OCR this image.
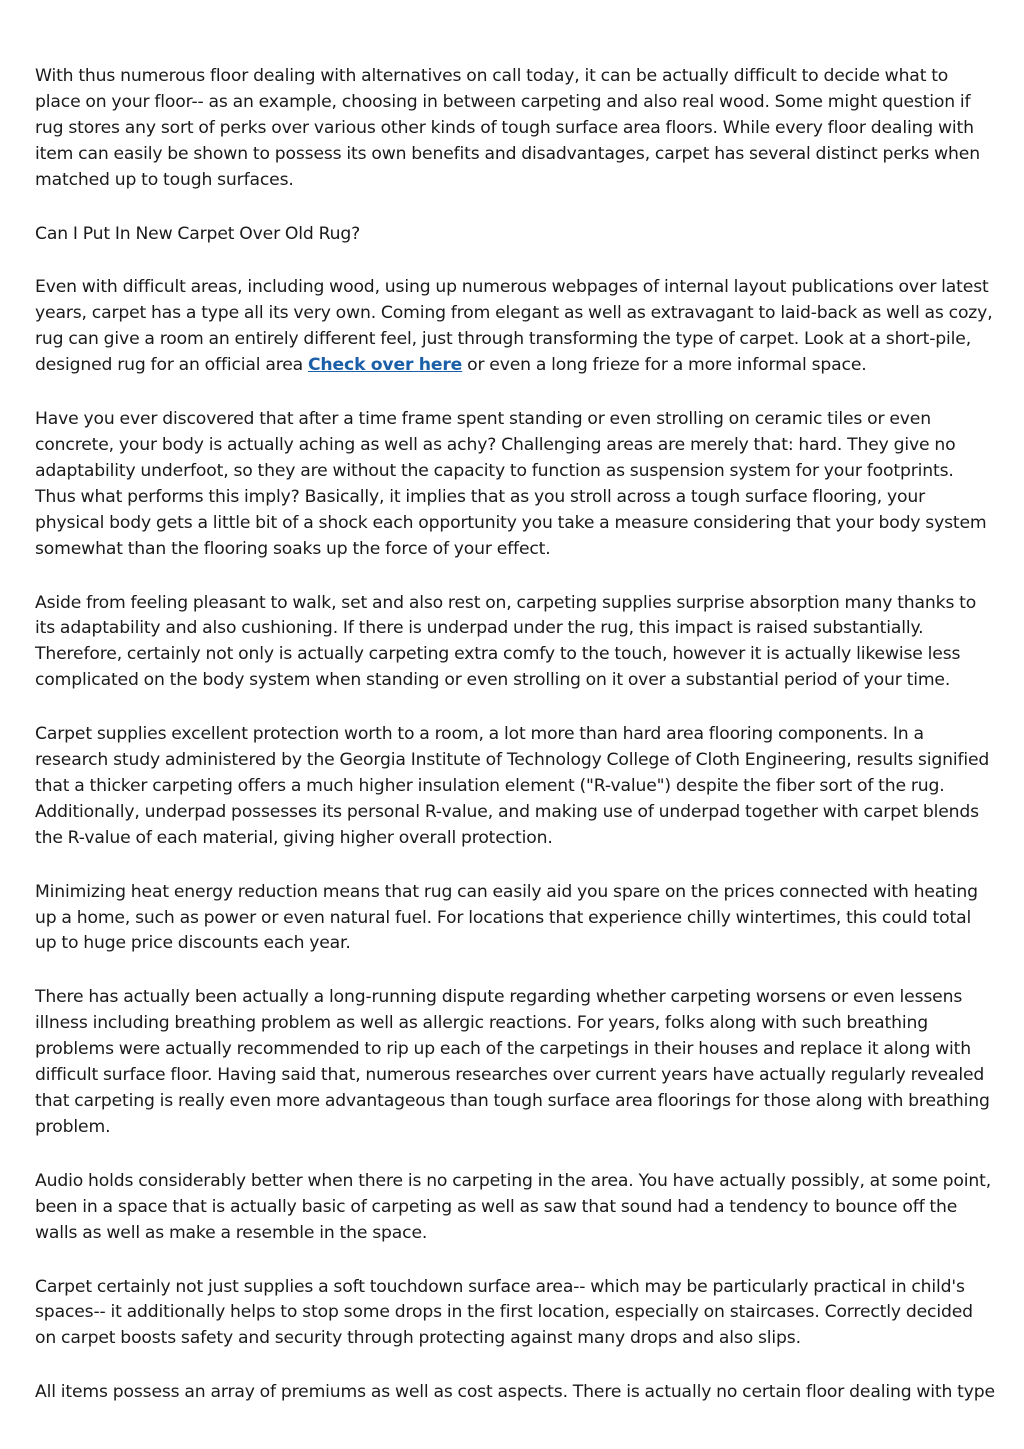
With thus numerous floor dealing with alternatives on call today, it can be actually difficult to decide what to place on your floor-- as an example, choosing in between carpeting and also real wood. Some might question if rug stores any sort of perks over various other kinds of tough surface area floors. While every floor dealing with item can easily be shown to possess its own benefits and disadvantages, carpet has several distinct perks when matched up to tough surfaces.

Can I Put In New Carpet Over Old Rug?

Even with difficult areas, including wood, using up numerous webpages of internal layout publications over latest years, carpet has a type all its very own. Coming from elegant as well as extravagant to laid-back as well as cozy, rug can give a room an entirely different feel, just through transforming the type of carpet. Look at a short-pile, designed rug for an official area Check over here or even a long frieze for a more informal space.

Have you ever discovered that after a time frame spent standing or even strolling on ceramic tiles or even concrete, your body is actually aching as well as achy? Challenging areas are merely that: hard. They give no adaptability underfoot, so they are without the capacity to function as suspension system for your footprints. Thus what performs this imply? Basically, it implies that as you stroll across a tough surface flooring, your physical body gets a little bit of a shock each opportunity you take a measure considering that your body system somewhat than the flooring soaks up the force of your effect.

Aside from feeling pleasant to walk, set and also rest on, carpeting supplies surprise absorption many thanks to its adaptability and also cushioning. If there is underpad under the rug, this impact is raised substantially. Therefore, certainly not only is actually carpeting extra comfy to the touch, however it is actually likewise less complicated on the body system when standing or even strolling on it over a substantial period of your time.

Carpet supplies excellent protection worth to a room, a lot more than hard area flooring components. In a research study administered by the Georgia Institute of Technology College of Cloth Engineering, results signified that a thicker carpeting offers a much higher insulation element ("R-value") despite the fiber sort of the rug. Additionally, underpad possesses its personal R-value, and making use of underpad together with carpet blends the R-value of each material, giving higher overall protection.

Minimizing heat energy reduction means that rug can easily aid you spare on the prices connected with heating up a home, such as power or even natural fuel. For locations that experience chilly wintertimes, this could total up to huge price discounts each year.

There has actually been actually a long-running dispute regarding whether carpeting worsens or even lessens illness including breathing problem as well as allergic reactions. For years, folks along with such breathing problems were actually recommended to rip up each of the carpetings in their houses and replace it along with difficult surface floor. Having said that, numerous researches over current years have actually regularly revealed that carpeting is really even more advantageous than tough surface area floorings for those along with breathing problem.

Audio holds considerably better when there is no carpeting in the area. You have actually possibly, at some point, been in a space that is actually basic of carpeting as well as saw that sound had a tendency to bounce off the walls as well as make a resemble in the space.

Carpet certainly not just supplies a soft touchdown surface area-- which may be particularly practical in child's spaces-- it additionally helps to stop some drops in the first location, especially on staircases. Correctly decided on carpet boosts safety and security through protecting against many drops and also slips.

All items possess an array of premiums as well as cost aspects. There is actually no certain floor dealing with type
